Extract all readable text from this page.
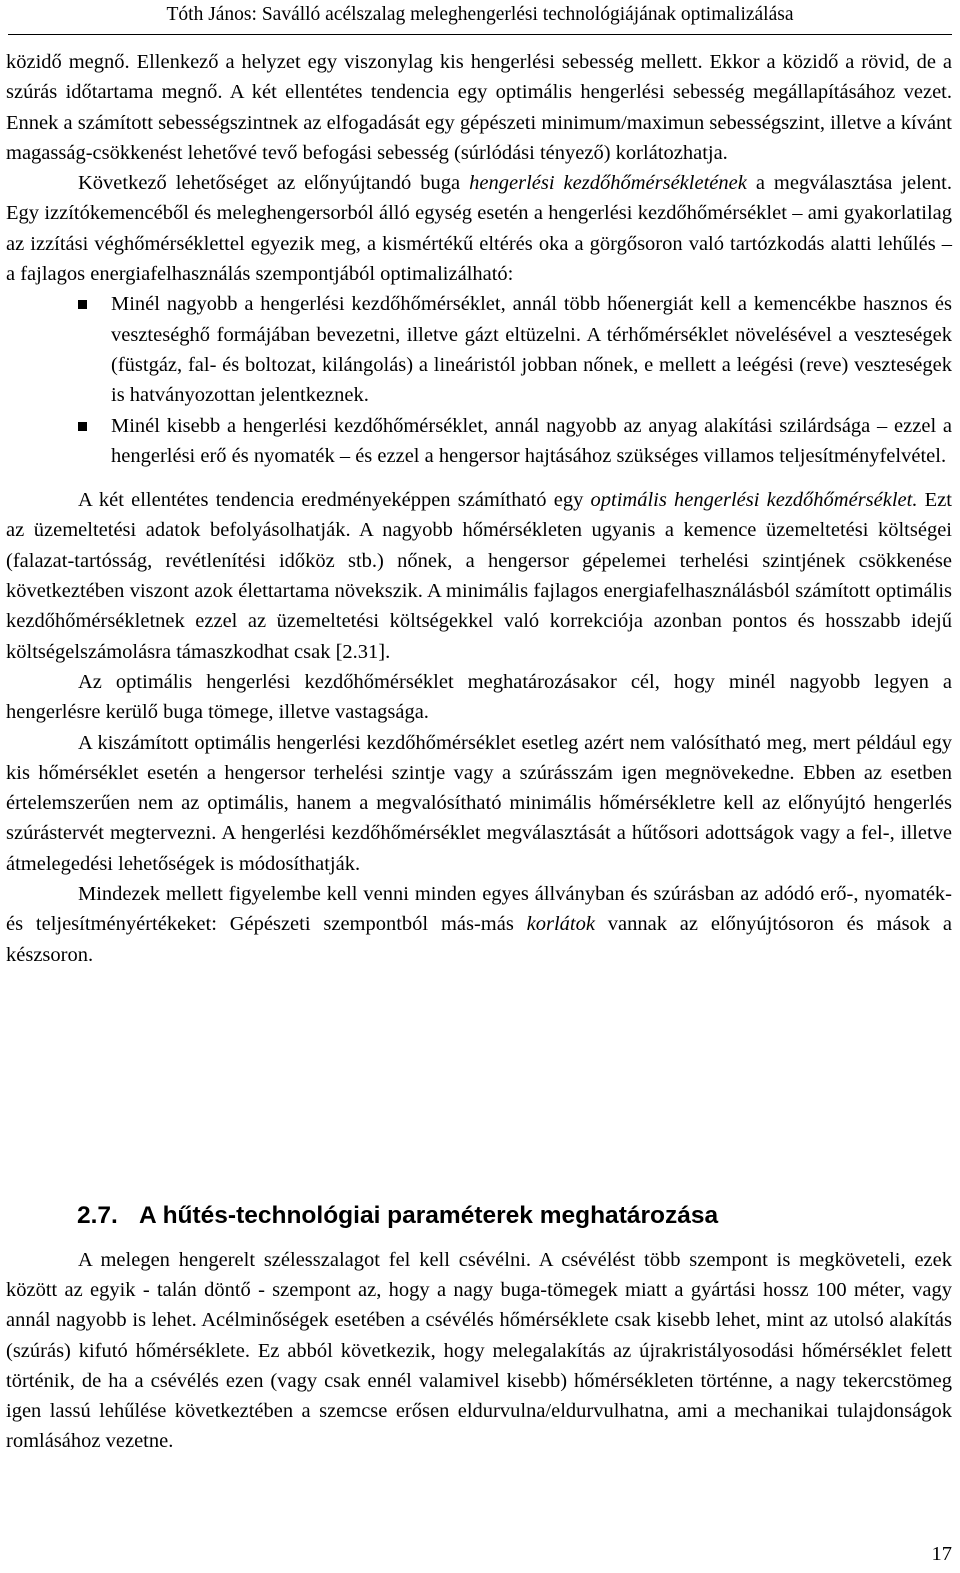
Tóth János: Saválló acélszalag meleghengerlési technológiájának optimalizálása

közidő megnő. Ellenkező a helyzet egy viszonylag kis hengerlési sebesség mellett. Ekkor a közidő a rövid, de a szúrás időtartama megnő. A két ellentétes tendencia egy optimális hengerlési sebesség megállapításához vezet. Ennek a számított sebességszintnek az elfogadását egy gépészeti minimum/maximun sebességszint, illetve a kívánt magasság-csökkenést lehetővé tevő befogási sebesség (súrlódási tényező) korlátozhatja.

Következő lehetőséget az előnyújtandó buga hengerlési kezdőhőmérsékletének a megválasztása jelent. Egy izzítókemencéből és meleghengersorból álló egység esetén a hengerlési kezdőhőmérséklet – ami gyakorlatilag az izzítási véghőmérséklettel egyezik meg, a kismértékű eltérés oka a görgősoron való tartózkodás alatti lehűlés – a fajlagos energiafelhasználás szempontjából optimalizálható:

Minél nagyobb a hengerlési kezdőhőmérséklet, annál több hőenergiát kell a kemencékbe hasznos és veszteséghő formájában bevezetni, illetve gázt eltüzelni. A térhőmérséklet növelésével a veszteségek (füstgáz, fal- és boltozat, kilángolás) a lineáristól jobban nőnek, e mellett a leégési (reve) veszteségek is hatványozottan jelentkeznek.
Minél kisebb a hengerlési kezdőhőmérséklet, annál nagyobb az anyag alakítási szilárdsága – ezzel a hengerlési erő és nyomaték – és ezzel a hengersor hajtásához szükséges villamos teljesítményfelvétel.

A két ellentétes tendencia eredményeképpen számítható egy optimális hengerlési kezdőhőmérséklet. Ezt az üzemeltetési adatok befolyásolhatják. A nagyobb hőmérsékleten ugyanis a kemence üzemeltetési költségei (falazat-tartósság, revétlenítési időköz stb.) nőnek, a hengersor gépelemei terhelési szintjének csökkenése következtében viszont azok élettartama növekszik. A minimális fajlagos energiafelhasználásból számított optimális kezdőhőmérsékletnek ezzel az üzemeltetési költségekkel való korrekciója azonban pontos és hosszabb idejű költségelszámolásra támaszkodhat csak [2.31].

Az optimális hengerlési kezdőhőmérséklet meghatározásakor cél, hogy minél nagyobb legyen a hengerlésre kerülő buga tömege, illetve vastagsága.

A kiszámított optimális hengerlési kezdőhőmérséklet esetleg azért nem valósítható meg, mert például egy kis hőmérséklet esetén a hengersor terhelési szintje vagy a szúrásszám igen megnövekedne. Ebben az esetben értelemszerűen nem az optimális, hanem a megvalósítható minimális hőmérsékletre kell az előnyújtó hengerlés szúrástervét megtervezni. A hengerlési kezdőhőmérséklet megválasztását a hűtősori adottságok vagy a fel-, illetve átmelegedési lehetőségek is módosíthatják.

Mindezek mellett figyelembe kell venni minden egyes állványban és szúrásban az adódó erő-, nyomaték- és teljesítményértékeket: Gépészeti szempontból más-más korlátok vannak az előnyújtósoron és mások a készsoron.

2.7. A hűtés-technológiai paraméterek meghatározása

A melegen hengerelt szélesszalagot fel kell csévélni. A csévélést több szempont is megköveteli, ezek között az egyik - talán döntő - szempont az, hogy a nagy buga-tömegek miatt a gyártási hossz 100 méter, vagy annál nagyobb is lehet. Acélminőségek esetében a csévélés hőmérséklete csak kisebb lehet, mint az utolsó alakítás (szúrás) kifutó hőmérséklete. Ez abból következik, hogy melegalakítás az újrakristályosodási hőmérséklet felett történik, de ha a csévélés ezen (vagy csak ennél valamivel kisebb) hőmérsékleten történne, a nagy tekercstömeg igen lassú lehűlése következtében a szemcse erősen eldurvulna/eldurvulhatna, ami a mechanikai tulajdonságok romlásához vezetne.

17
